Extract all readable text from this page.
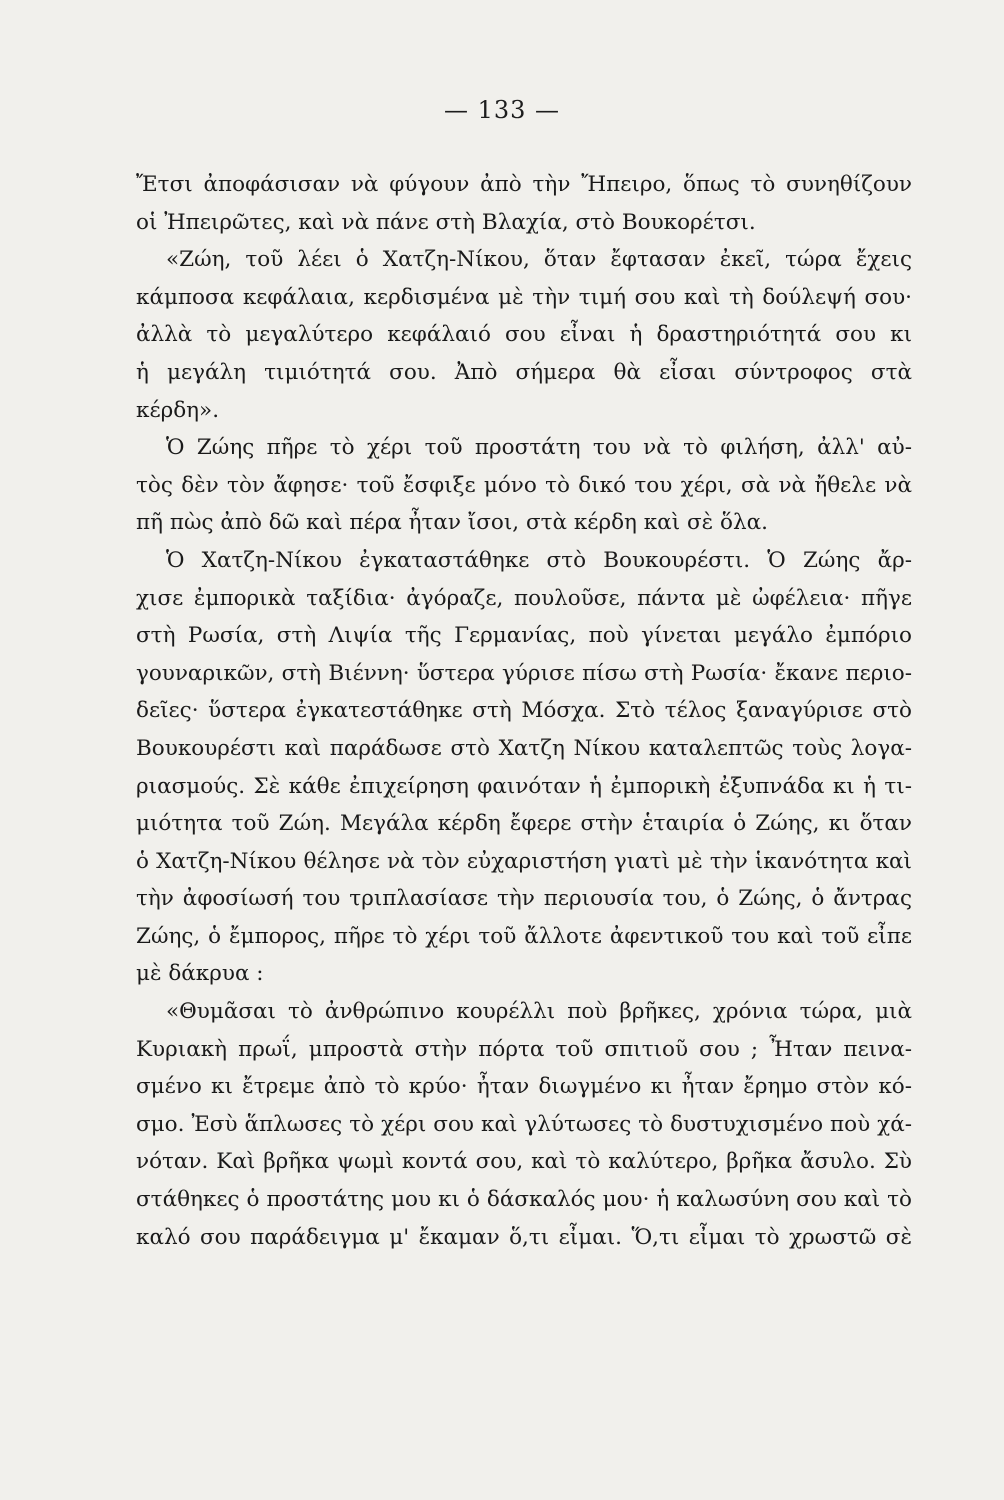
— 133 —
Ἔτσι ἀποφάσισαν νὰ φύγουν ἀπὸ τὴν Ἤπειρο, ὅπως τὸ συνηθίζουν
οἱ Ἠπειρῶτες, καὶ νὰ πάνε στὴ Βλαχία, στὸ Βουκορέτσι.
«Ζώη, τοῦ λέει ὁ Χατζη-Νίκου, ὅταν ἔφτασαν ἐκεῖ, τώρα ἔχεις
κάμποσα κεφάλαια, κερδισμένα μὲ τὴν τιμή σου καὶ τὴ δούλεψή σου·
ἀλλὰ τὸ μεγαλύτερο κεφάλαιό σου εἶναι ἡ δραστηριότητά σου κι
ἡ μεγάλη τιμιότητά σου. Ἀπὸ σήμερα θὰ εἶσαι σύντροφος στὰ
κέρδη».
Ὁ Ζώης πῆρε τὸ χέρι τοῦ προστάτη του νὰ τὸ φιλήση, ἀλλ' αὐ-
τὸς δὲν τὸν ἄφησε· τοῦ ἔσφιξε μόνο τὸ δικό του χέρι, σὰ νὰ ἤθελε νὰ
πῆ πὼς ἀπὸ δῶ καὶ πέρα ἦταν ἴσοι, στὰ κέρδη καὶ σὲ ὅλα.
Ὁ Χατζη-Νίκου ἐγκαταστάθηκε στὸ Βουκουρέστι. Ὁ Ζώης ἄρ-
χισε ἐμπορικὰ ταξίδια· ἀγόραζε, πουλοῦσε, πάντα μὲ ὠφέλεια· πῆγε
στὴ Ρωσία, στὴ Λιψία τῆς Γερμανίας, ποὺ γίνεται μεγάλο ἐμπόριο
γουναρικῶν, στὴ Βιέννη· ὕστερα γύρισε πίσω στὴ Ρωσία· ἔκανε περιο-
δεῖες· ὕστερα ἐγκατεστάθηκε στὴ Μόσχα. Στὸ τέλος ξαναγύρισε στὸ
Βουκουρέστι καὶ παράδωσε στὸ Χατζη Νίκου καταλεπτῶς τοὺς λογα-
ριασμούς. Σὲ κάθε ἐπιχείρηση φαινόταν ἡ ἐμπορικὴ ἐξυπνάδα κι ἡ τι-
μιότητα τοῦ Ζώη. Μεγάλα κέρδη ἔφερε στὴν ἑταιρία ὁ Ζώης, κι ὅταν
ὁ Χατζη-Νίκου θέλησε νὰ τὸν εὐχαριστήση γιατὶ μὲ τὴν ἱκανότητα καὶ
τὴν ἀφοσίωσή του τριπλασίασε τὴν περιουσία του, ὁ Ζώης, ὁ ἄντρας
Ζώης, ὁ ἔμπορος, πῆρε τὸ χέρι τοῦ ἄλλοτε ἀφεντικοῦ του καὶ τοῦ εἶπε
μὲ δάκρυα :
«Θυμᾶσαι τὸ ἀνθρώπινο κουρέλλι ποὺ βρῆκες, χρόνια τώρα, μιὰ
Κυριακὴ πρωΐ, μπροστὰ στὴν πόρτα τοῦ σπιτιοῦ σου ; Ἦταν πεινα-
σμένο κι ἔτρεμε ἀπὸ τὸ κρύο· ἦταν διωγμένο κι ἦταν ἔρημο στὸν κό-
σμο. Ἐσὺ ἅπλωσες τὸ χέρι σου καὶ γλύτωσες τὸ δυστυχισμένο ποὺ χά-
νόταν. Καὶ βρῆκα ψωμὶ κοντά σου, καὶ τὸ καλύτερο, βρῆκα ἄσυλο. Σὺ
στάθηκες ὁ προστάτης μου κι ὁ δάσκαλός μου· ἡ καλωσύνη σου καὶ τὸ
καλό σου παράδειγμα μ' ἔκαμαν ὅ,τι εἶμαι. Ὅ,τι εἶμαι τὸ χρωστῶ σὲ
